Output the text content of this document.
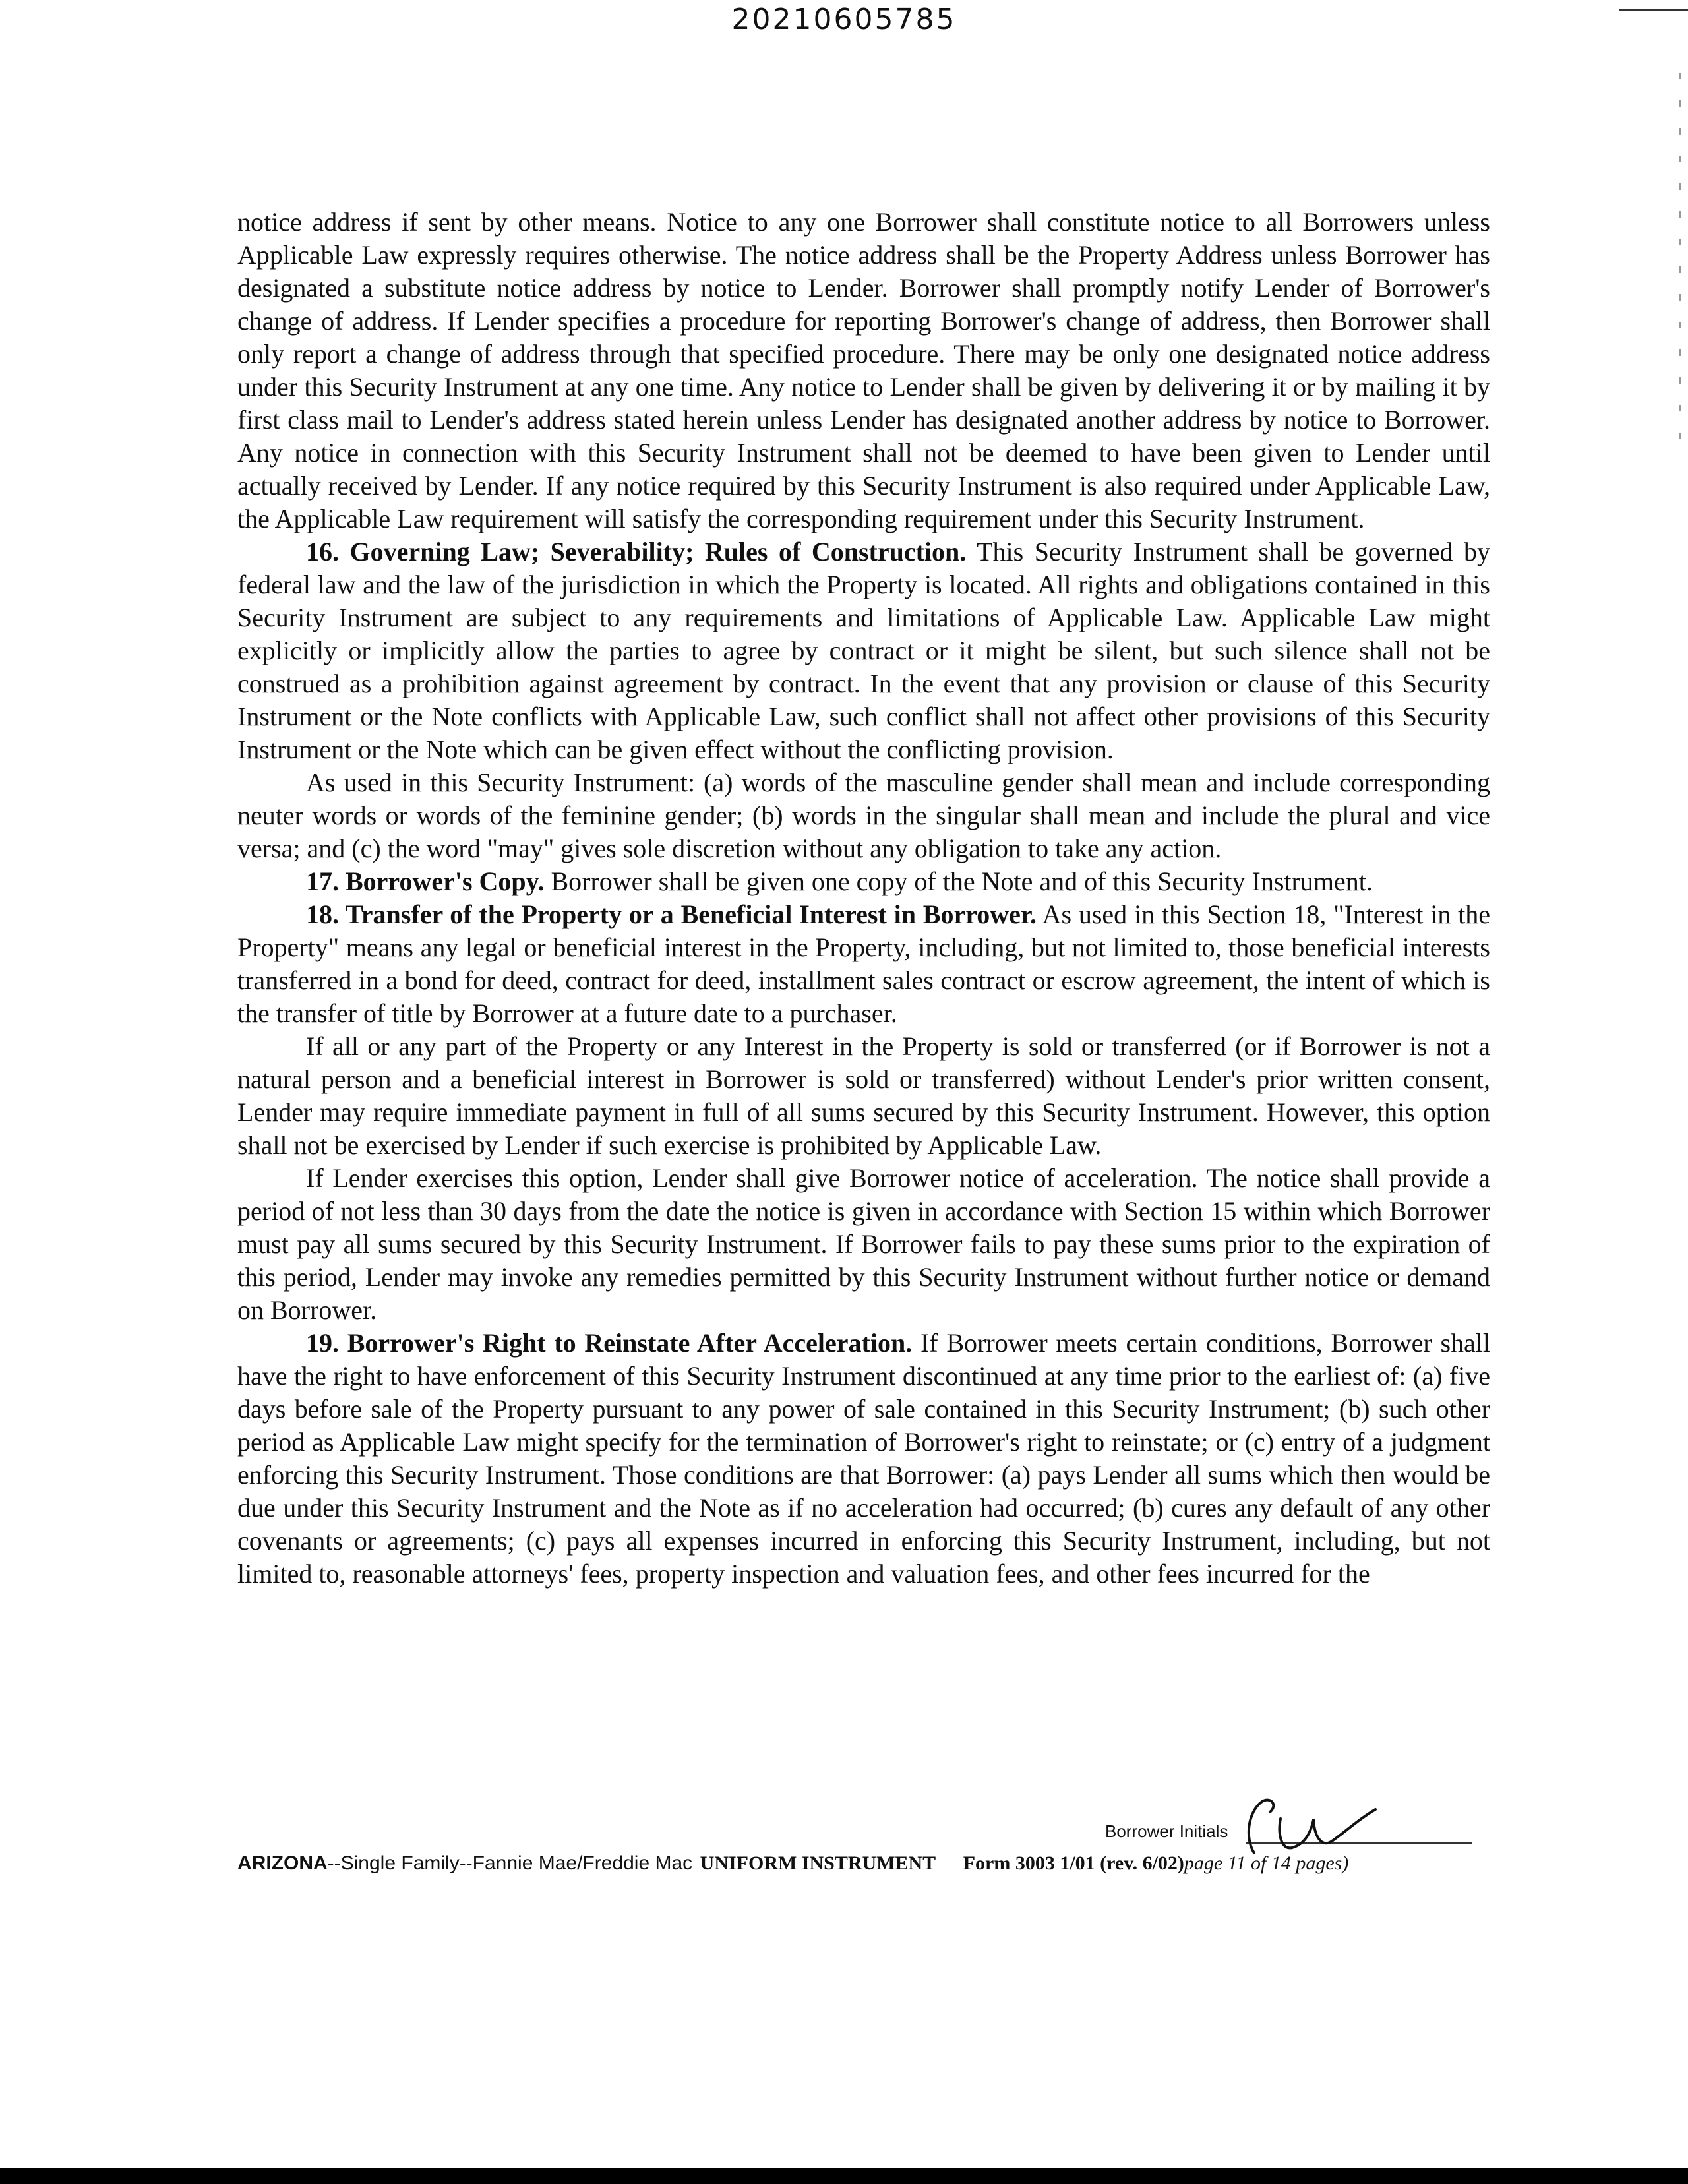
20210605785

notice address if sent by other means. Notice to any one Borrower shall constitute notice to all Borrowers unless Applicable Law expressly requires otherwise. The notice address shall be the Property Address unless Borrower has designated a substitute notice address by notice to Lender. Borrower shall promptly notify Lender of Borrower's change of address. If Lender specifies a procedure for reporting Borrower's change of address, then Borrower shall only report a change of address through that specified procedure. There may be only one designated notice address under this Security Instrument at any one time. Any notice to Lender shall be given by delivering it or by mailing it by first class mail to Lender's address stated herein unless Lender has designated another address by notice to Borrower. Any notice in connection with this Security Instrument shall not be deemed to have been given to Lender until actually received by Lender. If any notice required by this Security Instrument is also required under Applicable Law, the Applicable Law requirement will satisfy the corresponding requirement under this Security Instrument.

16. Governing Law; Severability; Rules of Construction. This Security Instrument shall be governed by federal law and the law of the jurisdiction in which the Property is located. All rights and obligations contained in this Security Instrument are subject to any requirements and limitations of Applicable Law. Applicable Law might explicitly or implicitly allow the parties to agree by contract or it might be silent, but such silence shall not be construed as a prohibition against agreement by contract. In the event that any provision or clause of this Security Instrument or the Note conflicts with Applicable Law, such conflict shall not affect other provisions of this Security Instrument or the Note which can be given effect without the conflicting provision.

As used in this Security Instrument: (a) words of the masculine gender shall mean and include corresponding neuter words or words of the feminine gender; (b) words in the singular shall mean and include the plural and vice versa; and (c) the word "may" gives sole discretion without any obligation to take any action.

17. Borrower's Copy. Borrower shall be given one copy of the Note and of this Security Instrument.

18. Transfer of the Property or a Beneficial Interest in Borrower. As used in this Section 18, "Interest in the Property" means any legal or beneficial interest in the Property, including, but not limited to, those beneficial interests transferred in a bond for deed, contract for deed, installment sales contract or escrow agreement, the intent of which is the transfer of title by Borrower at a future date to a purchaser.

If all or any part of the Property or any Interest in the Property is sold or transferred (or if Borrower is not a natural person and a beneficial interest in Borrower is sold or transferred) without Lender's prior written consent, Lender may require immediate payment in full of all sums secured by this Security Instrument. However, this option shall not be exercised by Lender if such exercise is prohibited by Applicable Law.

If Lender exercises this option, Lender shall give Borrower notice of acceleration. The notice shall provide a period of not less than 30 days from the date the notice is given in accordance with Section 15 within which Borrower must pay all sums secured by this Security Instrument. If Borrower fails to pay these sums prior to the expiration of this period, Lender may invoke any remedies permitted by this Security Instrument without further notice or demand on Borrower.

19. Borrower's Right to Reinstate After Acceleration. If Borrower meets certain conditions, Borrower shall have the right to have enforcement of this Security Instrument discontinued at any time prior to the earliest of: (a) five days before sale of the Property pursuant to any power of sale contained in this Security Instrument; (b) such other period as Applicable Law might specify for the termination of Borrower's right to reinstate; or (c) entry of a judgment enforcing this Security Instrument. Those conditions are that Borrower: (a) pays Lender all sums which then would be due under this Security Instrument and the Note as if no acceleration had occurred; (b) cures any default of any other covenants or agreements; (c) pays all expenses incurred in enforcing this Security Instrument, including, but not limited to, reasonable attorneys' fees, property inspection and valuation fees, and other fees incurred for the

Borrower Initials
ARIZONA--Single Family--Fannie Mae/Freddie Mac UNIFORM INSTRUMENT Form 3003 1/01 (rev. 6/02)page 11 of 14 pages)
